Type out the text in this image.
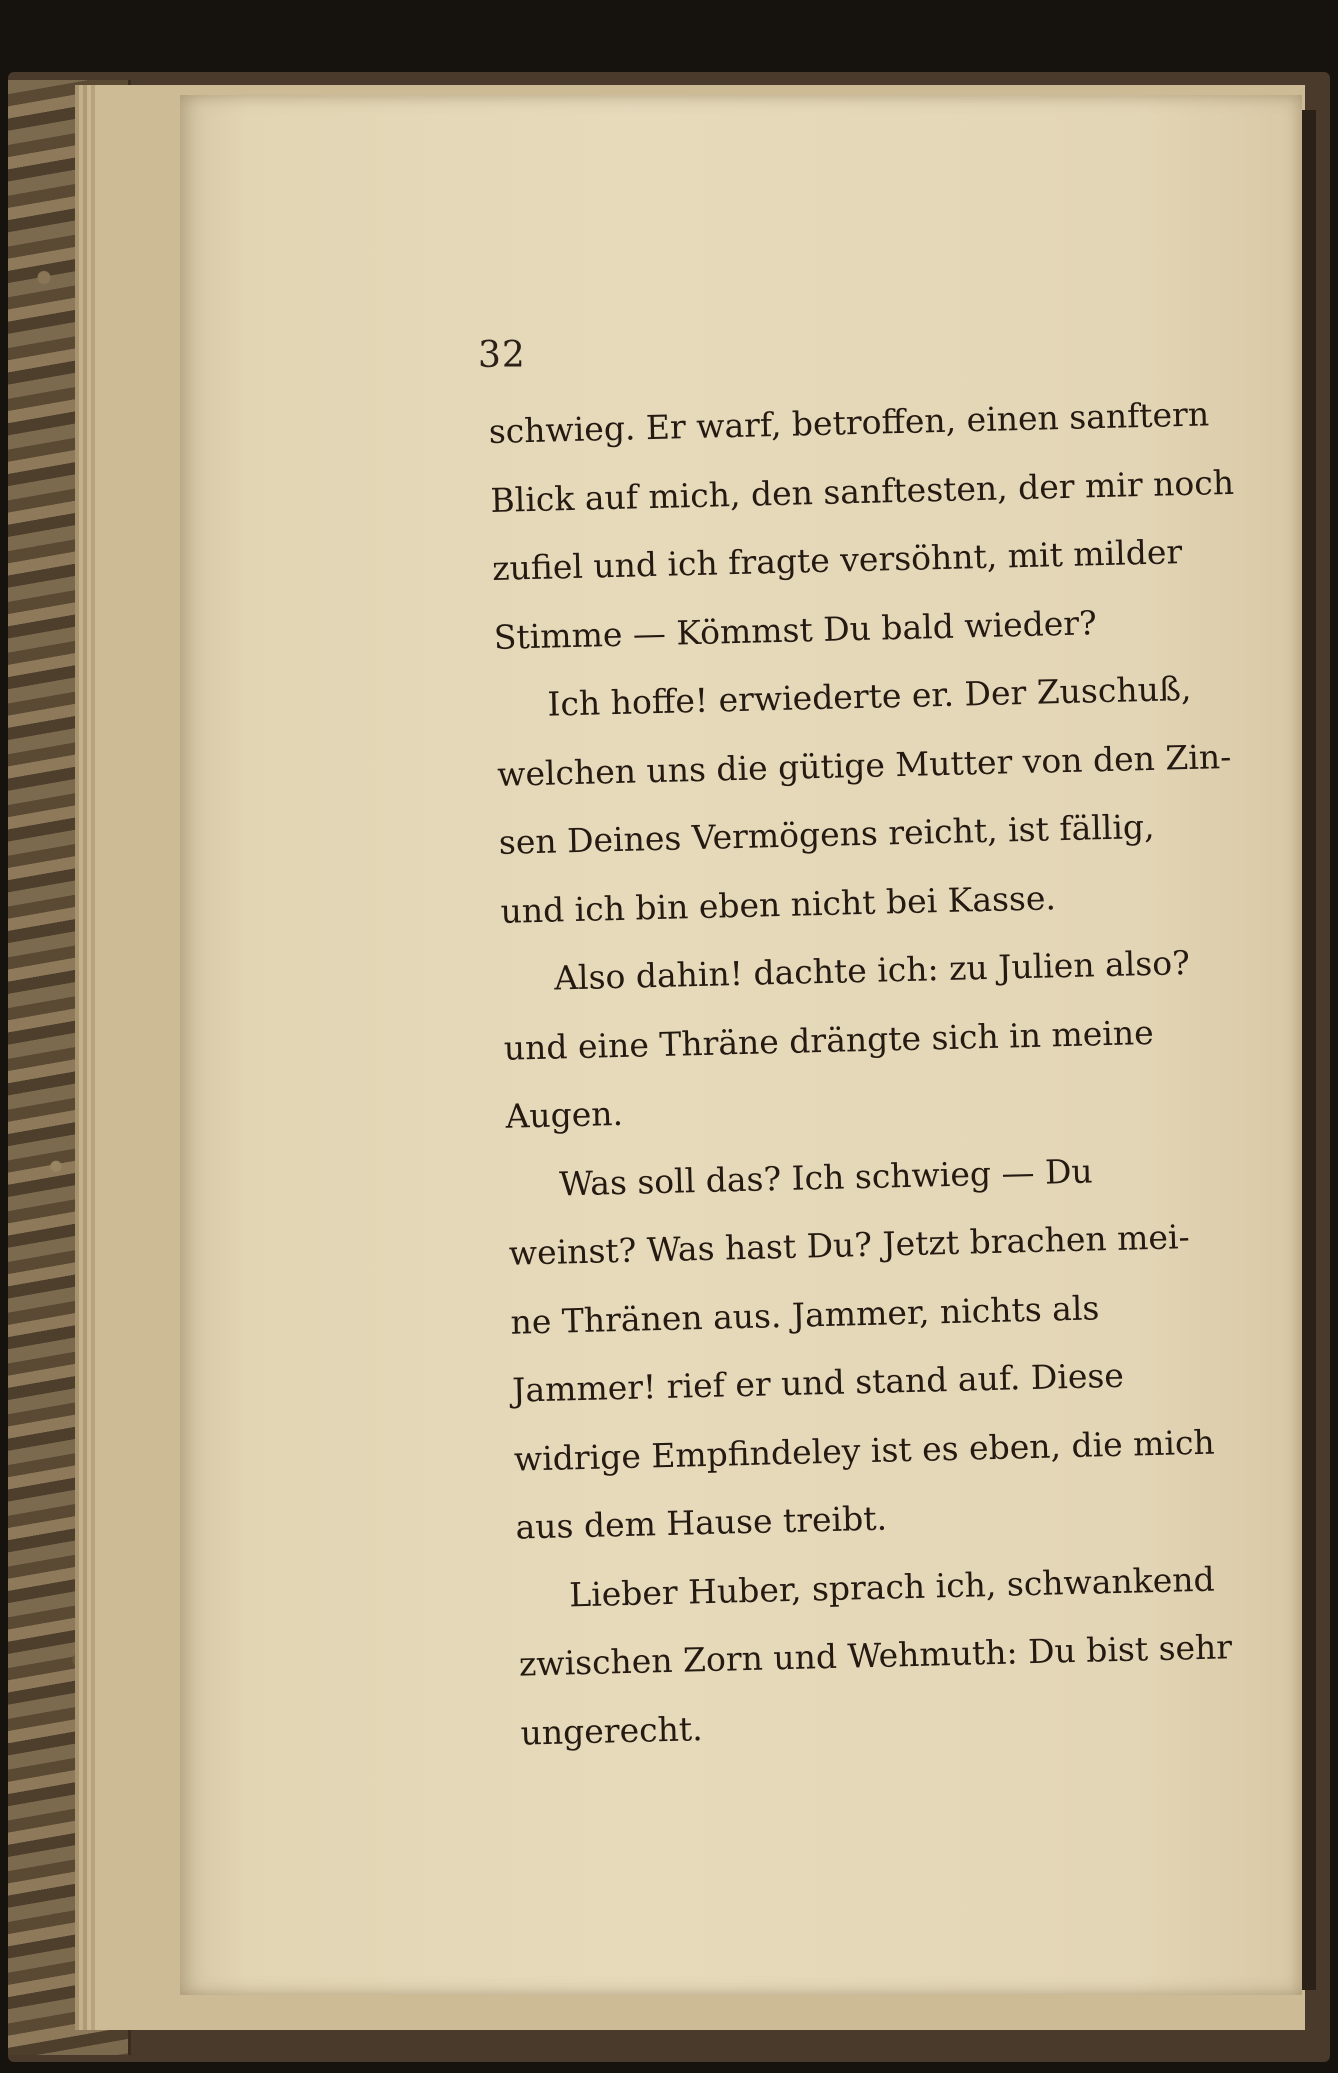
32
schwieg. Er warf, betroffen, einen sanftern
Blick auf mich, den sanftesten, der mir noch
zufiel und ich fragte versöhnt, mit milder
Stimme — Kömmst Du bald wieder?
Ich hoffe! erwiederte er. Der Zuschuß,
welchen uns die gütige Mutter von den Zin-
sen Deines Vermögens reicht, ist fällig,
und ich bin eben nicht bei Kasse.
Also dahin! dachte ich: zu Julien also?
und eine Thräne drängte sich in meine
Augen.
Was soll das? Ich schwieg — Du
weinst? Was hast Du? Jetzt brachen mei-
ne Thränen aus. Jammer, nichts als
Jammer! rief er und stand auf. Diese
widrige Empfindeley ist es eben, die mich
aus dem Hause treibt.
Lieber Huber, sprach ich, schwankend
zwischen Zorn und Wehmuth: Du bist sehr
ungerecht.
